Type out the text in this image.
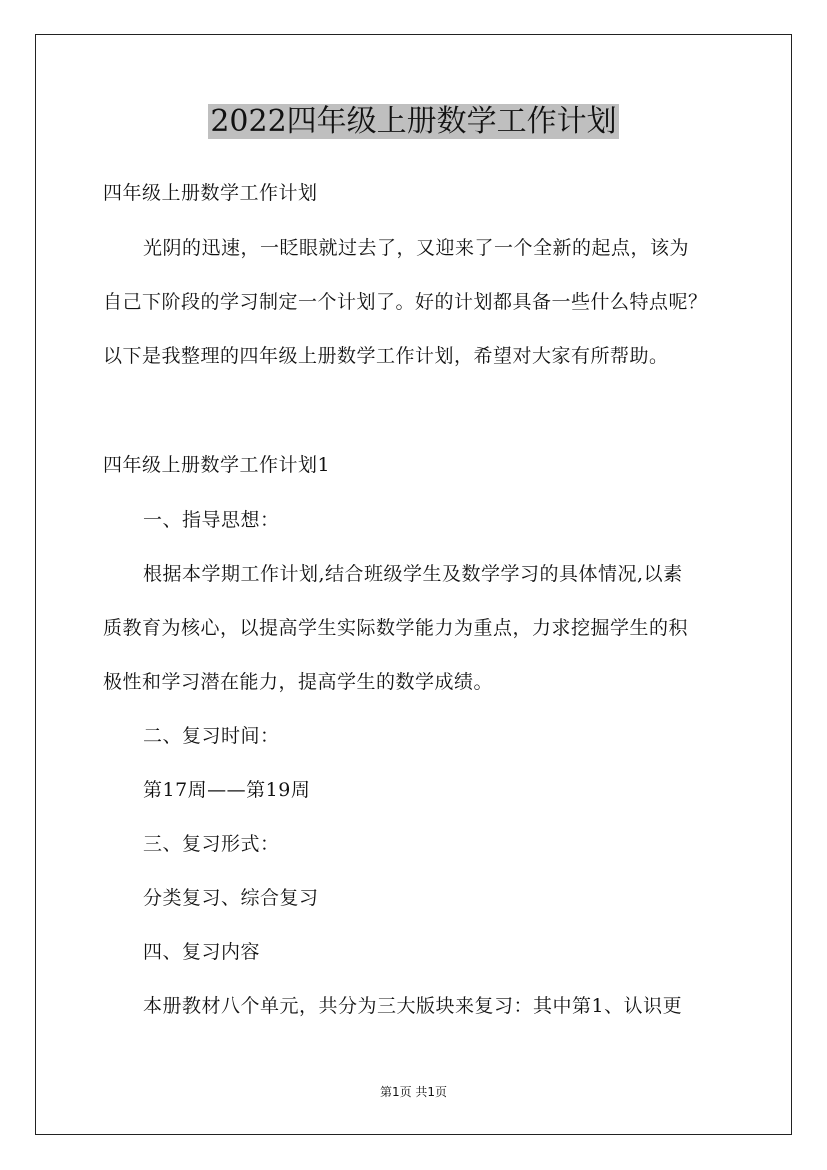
2022四年级上册数学工作计划
四年级上册数学工作计划
光阴的迅速，一眨眼就过去了，又迎来了一个全新的起点，该为
自己下阶段的学习制定一个计划了。好的计划都具备一些什么特点呢？
以下是我整理的四年级上册数学工作计划，希望对大家有所帮助。
四年级上册数学工作计划1
一、指导思想：
根据本学期工作计划,结合班级学生及数学学习的具体情况,以素
质教育为核心，以提高学生实际数学能力为重点，力求挖掘学生的积
极性和学习潜在能力，提高学生的数学成绩。
二、复习时间：
第17周——第19周
三、复习形式：
分类复习、综合复习
四、复习内容
本册教材八个单元，共分为三大版块来复习：其中第1、认识更
第1页 共1页
